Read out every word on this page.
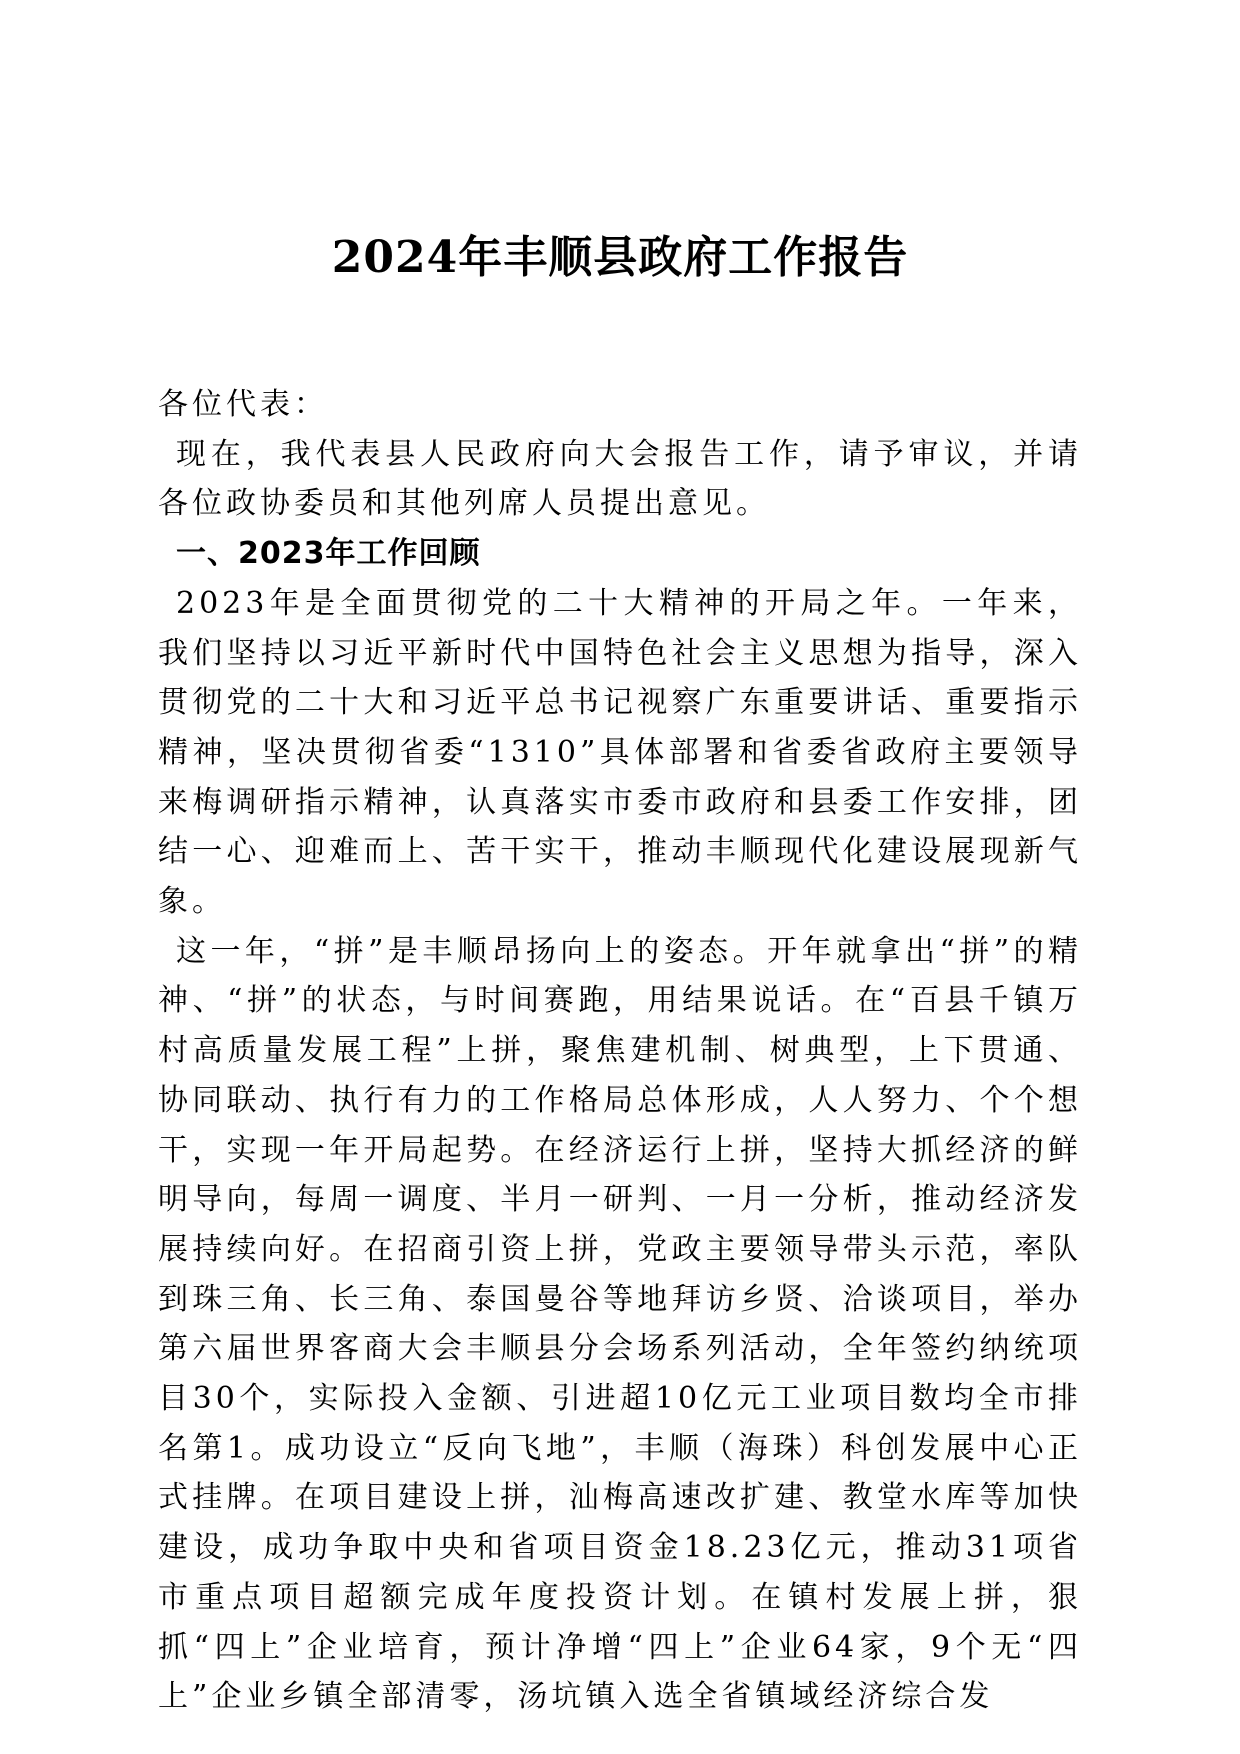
2024年丰顺县政府工作报告

各位代表：

现在，我代表县人民政府向大会报告工作，请予审议，并请各位政协委员和其他列席人员提出意见。

一、2023年工作回顾

2023年是全面贯彻党的二十大精神的开局之年。一年来，我们坚持以习近平新时代中国特色社会主义思想为指导，深入贯彻党的二十大和习近平总书记视察广东重要讲话、重要指示精神，坚决贯彻省委“1310”具体部署和省委省政府主要领导来梅调研指示精神，认真落实市委市政府和县委工作安排，团结一心、迎难而上、苦干实干，推动丰顺现代化建设展现新气象。

这一年，“拼”是丰顺昂扬向上的姿态。开年就拿出“拼”的精神、“拼”的状态，与时间赛跑，用结果说话。在“百县千镇万村高质量发展工程”上拼，聚焦建机制、树典型，上下贯通、协同联动、执行有力的工作格局总体形成，人人努力、个个想干，实现一年开局起势。在经济运行上拼，坚持大抓经济的鲜明导向，每周一调度、半月一研判、一月一分析，推动经济发展持续向好。在招商引资上拼，党政主要领导带头示范，率队到珠三角、长三角、泰国曼谷等地拜访乡贤、洽谈项目，举办第六届世界客商大会丰顺县分会场系列活动，全年签约纳统项目30个，实际投入金额、引进超10亿元工业项目数均全市排名第1。成功设立“反向飞地”，丰顺（海珠）科创发展中心正式挂牌。在项目建设上拼，汕梅高速改扩建、教堂水库等加快建设，成功争取中央和省项目资金18.23亿元，推动31项省市重点项目超额完成年度投资计划。在镇村发展上拼，狠抓“四上”企业培育，预计净增“四上”企业64家，9个无“四上”企业乡镇全部清零，汤坑镇入选全省镇域经济综合发
